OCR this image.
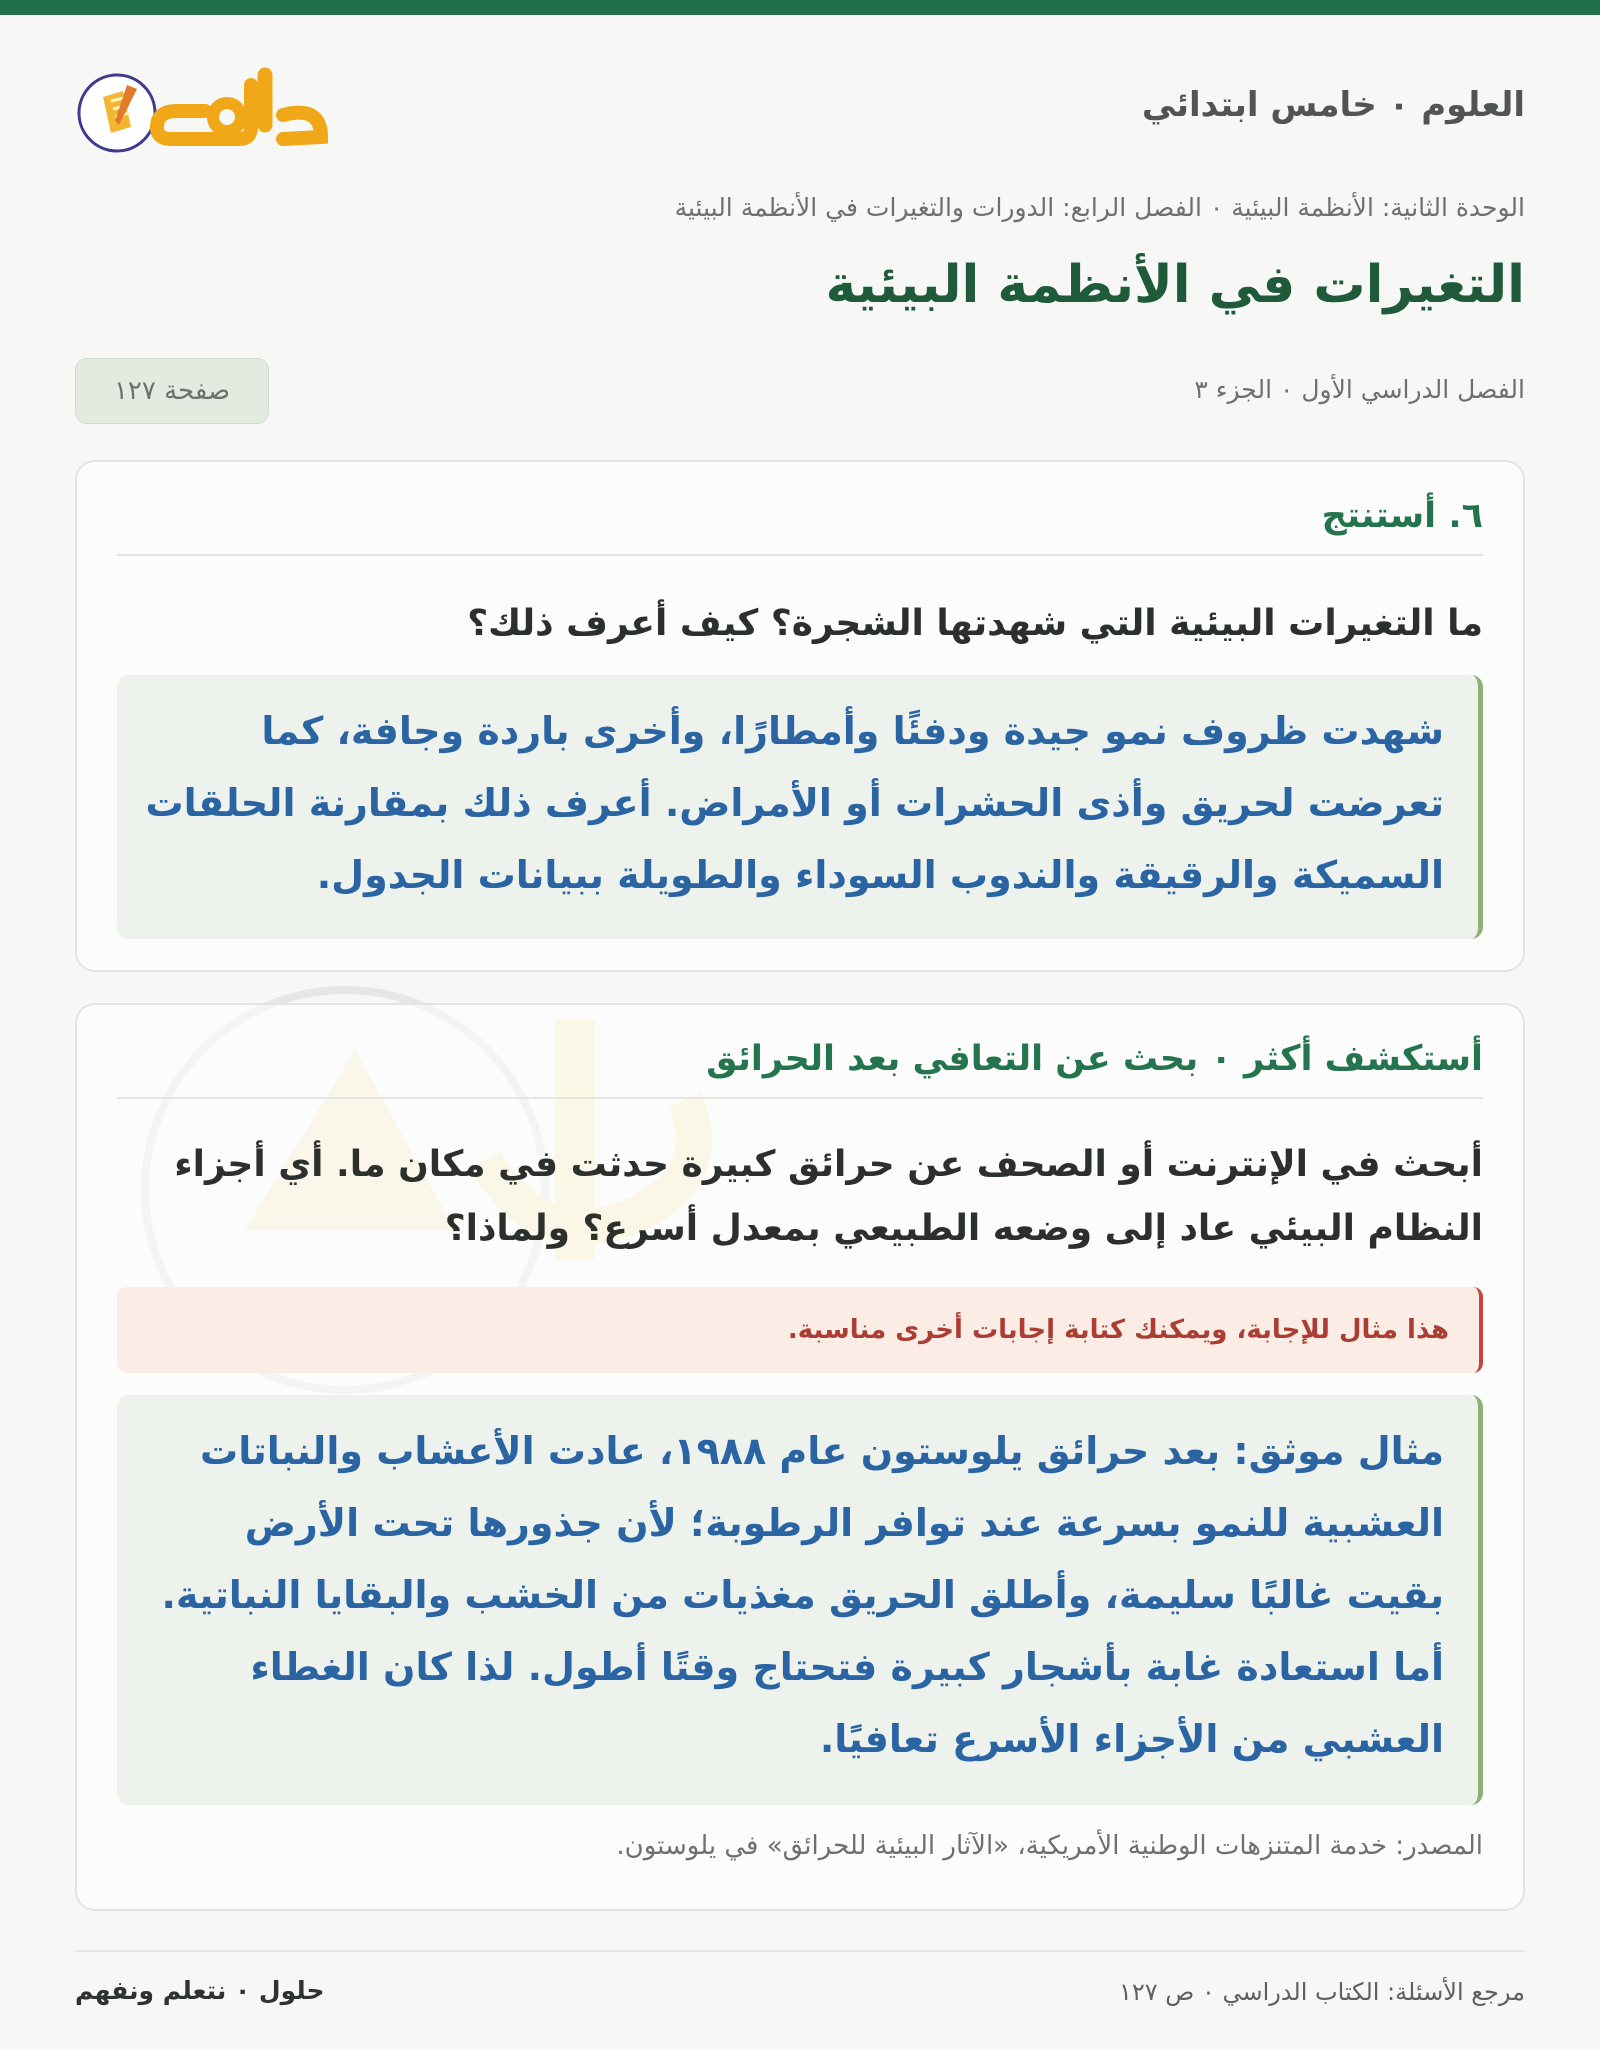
العلوم ٠ خامس ابتدائي
الوحدة الثانية: الأنظمة البيئية ٠ الفصل الرابع: الدورات والتغيرات في الأنظمة البيئية
التغيرات في الأنظمة البيئية
الفصل الدراسي الأول ٠ الجزء ٣
صفحة ١٢٧
٦. أستنتج
ما التغيرات البيئية التي شهدتها الشجرة؟ كيف أعرف ذلك؟
شهدت ظروف نمو جيدة ودفئًا وأمطارًا، وأخرى باردة وجافة، كما تعرضت لحريق وأذى الحشرات أو الأمراض. أعرف ذلك بمقارنة الحلقات السميكة والرقيقة والندوب السوداء والطويلة ببيانات الجدول.
أستكشف أكثر ٠ بحث عن التعافي بعد الحرائق
أبحث في الإنترنت أو الصحف عن حرائق كبيرة حدثت في مكان ما. أي أجزاء النظام البيئي عاد إلى وضعه الطبيعي بمعدل أسرع؟ ولماذا؟
هذا مثال للإجابة، ويمكنك كتابة إجابات أخرى مناسبة.
مثال موثق: بعد حرائق يلوستون عام ١٩٨٨، عادت الأعشاب والنباتات العشبية للنمو بسرعة عند توافر الرطوبة؛ لأن جذورها تحت الأرض بقيت غالبًا سليمة، وأطلق الحريق مغذيات من الخشب والبقايا النباتية. أما استعادة غابة بأشجار كبيرة فتحتاج وقتًا أطول. لذا كان الغطاء العشبي من الأجزاء الأسرع تعافيًا.
المصدر: خدمة المتنزهات الوطنية الأمريكية، «الآثار البيئية للحرائق» في يلوستون.
مرجع الأسئلة: الكتاب الدراسي ٠ ص ١٢٧
حلول ٠ نتعلم ونفهم
